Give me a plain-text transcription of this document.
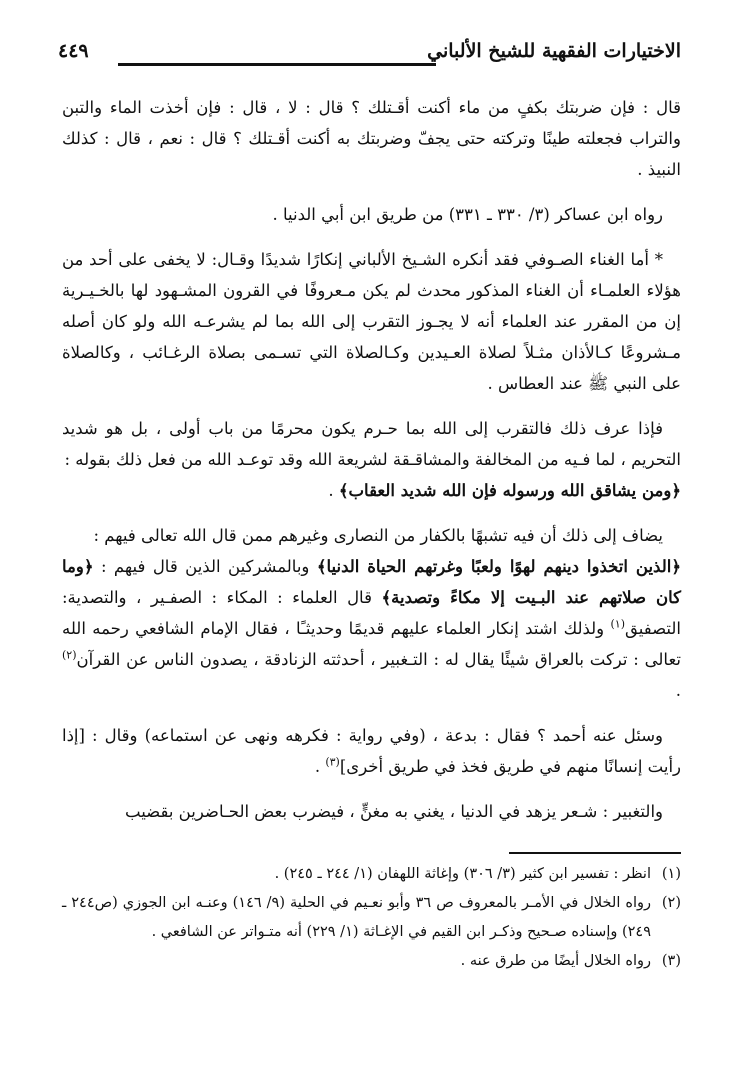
الاختيارات الفقهية للشيخ الألباني
٤٤٩

قال : فإن ضربتك بكفٍ من ماء أكنت أقـتلك ؟ قال : لا ، قال : فإن أخذت الماء والتبن والتراب فجعلته طينًا وتركته حتى يجفّ وضربتك به أكنت أقـتلك ؟ قال : نعم ، قال : كذلك النبيذ .

رواه ابن عساكر (٣/ ٣٣٠ ـ ٣٣١) من طريق ابن أبي الدنيا .

* أما الغناء الصـوفي فقد أنكره الشـيخ الألباني إنكارًا شديدًا وقـال: لا يخفى على أحد من هؤلاء العلمـاء أن الغناء المذكور محدث لم يكن مـعروفًا في القرون المشـهود لها بالخـيـرية إن من المقرر عند العلماء أنه لا يجـوز التقرب إلى الله بما لم يشرعـه الله ولو كان أصله مـشروعًا كـالأذان مثـلاً لصلاة العـيدين وكـالصلاة التي تسـمى بصلاة الرغـائب ، وكالصلاة على النبي ﷺ عند العطاس .

فإذا عرف ذلك فالتقرب إلى الله بما حـرم يكون محرمًا من باب أولى ، بل هو شديد التحريم ، لما فـيه من المخالفة والمشاقـقة لشريعة الله وقد توعـد الله من فعل ذلك بقوله :
﴿ومن يشاقق الله ورسوله فإن الله شديد العقاب﴾ .

يضاف إلى ذلك أن فيه تشبهًا بالكفار من النصارى وغيرهم ممن قال الله تعالى فيهم :
﴿الذين اتخذوا دينهم لهوًا ولعبًا وغرتهم الحياة الدنيا﴾ وبالمشركين الذين قال فيهم : ﴿وما كان صلاتهم عند البـيت إلا مكاءً وتصدية﴾ قال العلماء : المكاء : الصفـير ، والتصدية: التصفيق$^{(١)}$ ولذلك اشتد إنكار العلماء عليهم قديمًا وحديثـًا ، فقال الإمام الشافعي رحمه الله تعالى : تركت بالعراق شيئًا يقال له : التـغبير ، أحدثته الزنادقة ، يصدون الناس عن القرآن$^{(٢)}$ .

وسئل عنه أحمد ؟ فقال : بدعة ، (وفي رواية : فكرهه ونهى عن استماعه) وقال : [إذا رأيت إنسانًا منهم في طريق فخذ في طريق أخرى]$^{(٣)}$ .

والتغبير : شـعر يزهد في الدنيا ، يغني به مغنٍّ ، فيضرب بعض الحـاضرين بقضيب

(١)
انظر : تفسير ابن كثير (٣/ ٣٠٦) وإغاثة اللهفان (١/ ٢٤٤ ـ ٢٤٥) .
(٢)
رواه الخلال في الأمـر بالمعروف ص ٣٦ وأبو نعـيم في الحلية (٩/ ١٤٦) وعنـه ابن الجوزي (ص٢٤٤ ـ ٢٤٩) وإسناده صـحيح وذكـر ابن القيم في الإغـاثة (١/ ٢٢٩) أنه متـواتر عن الشافعي .
(٣)
رواه الخلال أيضًا من طرق عنه .
